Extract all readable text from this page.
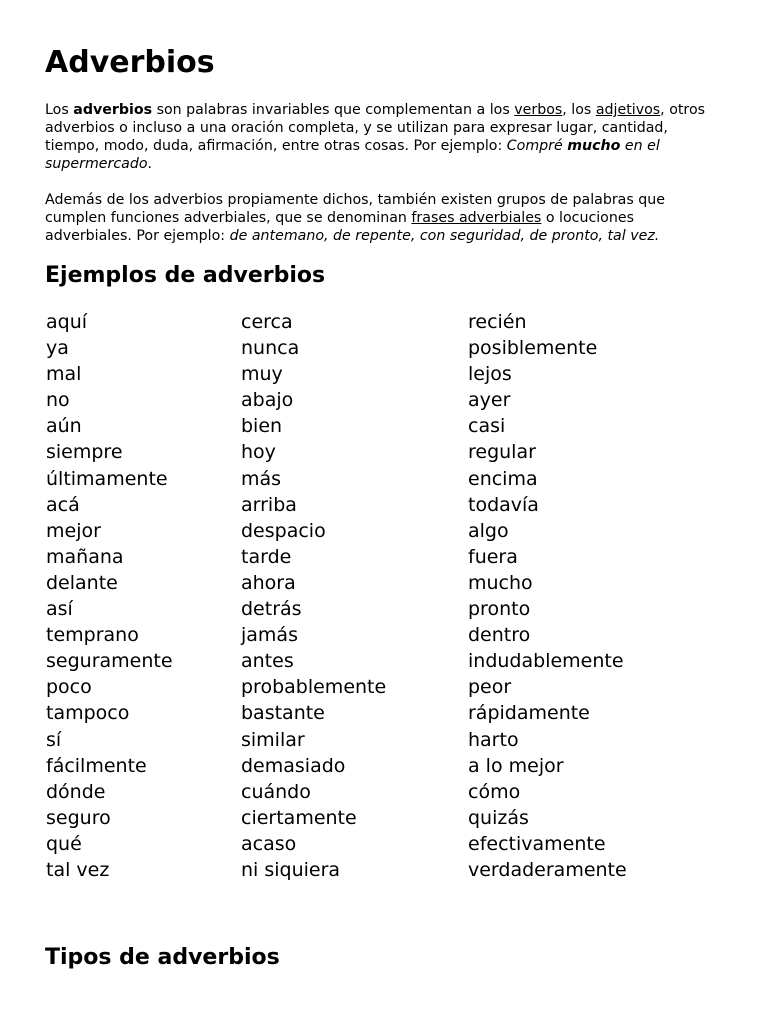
Adverbios

Los adverbios son palabras invariables que complementan a los verbos, los adjetivos, otros adverbios o incluso a una oración completa, y se utilizan para expresar lugar, cantidad, tiempo, modo, duda, afirmación, entre otras cosas. Por ejemplo: Compré mucho en el supermercado.

Además de los adverbios propiamente dichos, también existen grupos de palabras que cumplen funciones adverbiales, que se denominan frases adverbiales o locuciones adverbiales. Por ejemplo: de antemano, de repente, con seguridad, de pronto, tal vez.

Ejemplos de adverbios
aquí
ya
mal
no
aún
siempre
últimamente
acá
mejor
mañana
delante
así
temprano
seguramente
poco
tampoco
sí
fácilmente
dónde
seguro
qué
tal vez
cerca
nunca
muy
abajo
bien
hoy
más
arriba
despacio
tarde
ahora
detrás
jamás
antes
probablemente
bastante
similar
demasiado
cuándo
ciertamente
acaso
ni siquiera
recién
posiblemente
lejos
ayer
casi
regular
encima
todavía
algo
fuera
mucho
pronto
dentro
indudablemente
peor
rápidamente
harto
a lo mejor
cómo
quizás
efectivamente
verdaderamente
Tipos de adverbios
